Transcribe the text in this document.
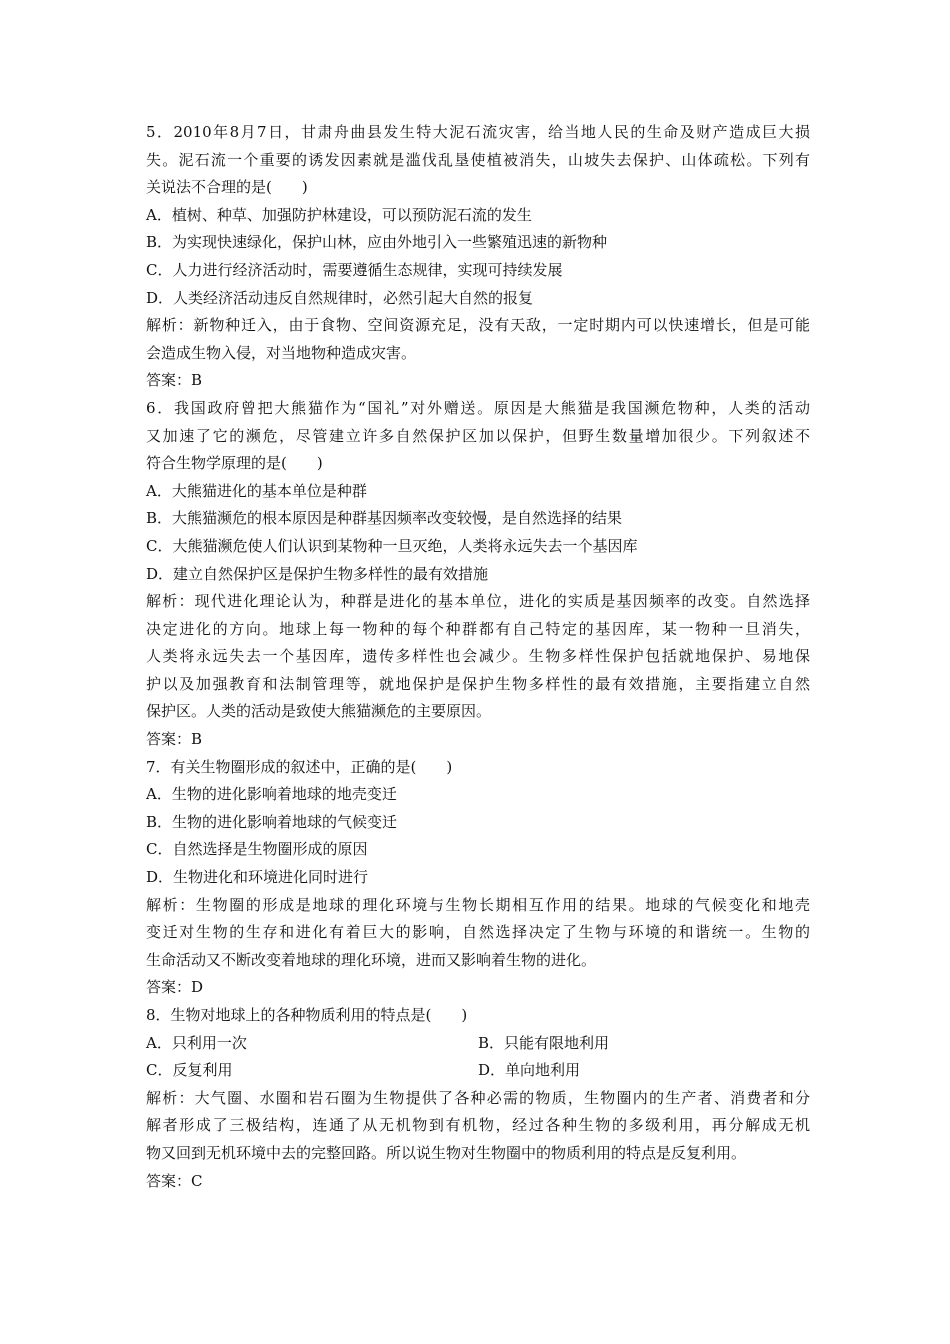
5．2010年8月7日，甘肃舟曲县发生特大泥石流灾害，给当地人民的生命及财产造成巨大损
失。泥石流一个重要的诱发因素就是滥伐乱垦使植被消失，山坡失去保护、山体疏松。下列有
关说法不合理的是(　　)
A．植树、种草、加强防护林建设，可以预防泥石流的发生
B．为实现快速绿化，保护山林，应由外地引入一些繁殖迅速的新物种
C．人力进行经济活动时，需要遵循生态规律，实现可持续发展
D．人类经济活动违反自然规律时，必然引起大自然的报复
解析：新物种迁入，由于食物、空间资源充足，没有天敌，一定时期内可以快速增长，但是可能
会造成生物入侵，对当地物种造成灾害。
答案：B
6．我国政府曾把大熊猫作为“国礼”对外赠送。原因是大熊猫是我国濒危物种，人类的活动
又加速了它的濒危，尽管建立许多自然保护区加以保护，但野生数量增加很少。下列叙述不
符合生物学原理的是(　　)
A．大熊猫进化的基本单位是种群
B．大熊猫濒危的根本原因是种群基因频率改变较慢，是自然选择的结果
C．大熊猫濒危使人们认识到某物种一旦灭绝，人类将永远失去一个基因库
D．建立自然保护区是保护生物多样性的最有效措施
解析：现代进化理论认为，种群是进化的基本单位，进化的实质是基因频率的改变。自然选择
决定进化的方向。地球上每一物种的每个种群都有自己特定的基因库，某一物种一旦消失，
人类将永远失去一个基因库，遗传多样性也会减少。生物多样性保护包括就地保护、易地保
护以及加强教育和法制管理等，就地保护是保护生物多样性的最有效措施，主要指建立自然
保护区。人类的活动是致使大熊猫濒危的主要原因。
答案：B
7．有关生物圈形成的叙述中，正确的是(　　)
A．生物的进化影响着地球的地壳变迁
B．生物的进化影响着地球的气候变迁
C．自然选择是生物圈形成的原因
D．生物进化和环境进化同时进行
解析：生物圈的形成是地球的理化环境与生物长期相互作用的结果。地球的气候变化和地壳
变迁对生物的生存和进化有着巨大的影响，自然选择决定了生物与环境的和谐统一。生物的
生命活动又不断改变着地球的理化环境，进而又影响着生物的进化。
答案：D
8．生物对地球上的各种物质利用的特点是(　　)
A．只利用一次	B．只能有限地利用
C．反复利用	D．单向地利用
解析：大气圈、水圈和岩石圈为生物提供了各种必需的物质，生物圈内的生产者、消费者和分
解者形成了三极结构，连通了从无机物到有机物，经过各种生物的多级利用，再分解成无机
物又回到无机环境中去的完整回路。所以说生物对生物圈中的物质利用的特点是反复利用。
答案：C
